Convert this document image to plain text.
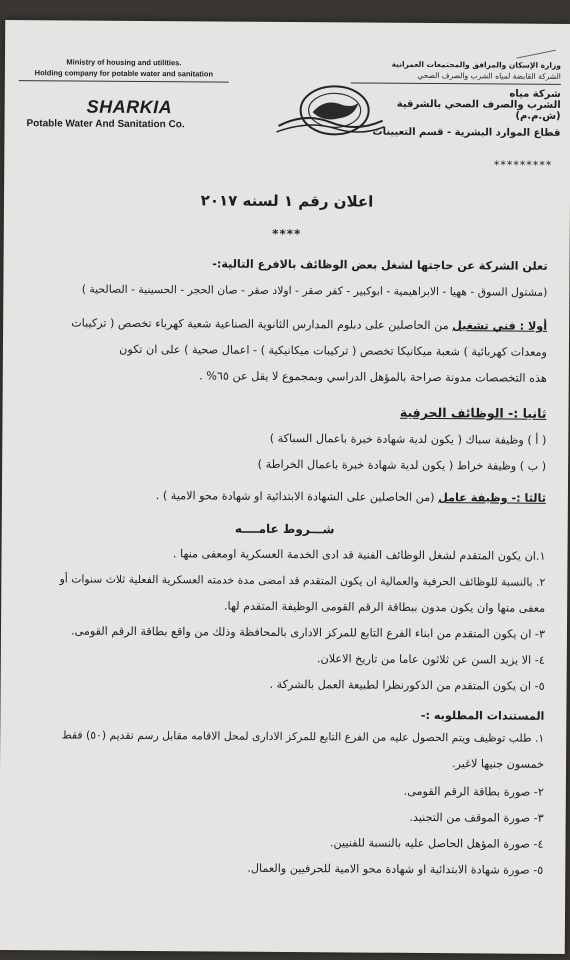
Ministry of housing and utilities.
Holding company for potable water and sanitation
SHARKIA
Potable Water And Sanitation Co.
وزارة الإسكان والمرافق والمجتمعات العمرانية
الشركة القابضة لمياه الشرب والصرف الصحي
شركة مياه
الشرب والصرف الصحي بالشرقية (ش.م.م)
قطاع الموارد البشرية - قسم التعيينات
*********
اعلان رقم ١ لسنه ٢٠١٧
****
تعلن الشركة عن حاجتها لشغل بعض الوظائف بالافرع التالية:-
(مشتول السوق - ههيا - الابراهيمية - ابوكبير - كفر صقر - اولاد صقر - صان الحجر - الحسينية - الصالحية )
أولا : فني تشغيل من الحاصلين على دبلوم المدارس الثانوية الصناعية شعبة كهرباء تخصص ( تركيبات
ومعدات كهربائية ) شعبة ميكانيكا تخصص ( تركيبات ميكانيكية ) - اعمال صحية ) على ان تكون
هذه التخصصات مدونة صراحة بالمؤهل الدراسي وبمجموع لا يقل عن ٦٥% .
ثانيا :- الوظائف الحرفية
( أ ) وظيفة سباك ( يكون لدية شهادة خبرة باعمال السباكة )
( ب ) وظيفة خراط ( يكون لدية شهادة خبرة باعمال الخراطة )
ثالثا :- وظيفة عامل (من الحاصلين على الشهادة الابتدائية او شهادة محو الامية ) .
شـــروط عامــــه
١.ان يكون المتقدم لشغل الوظائف الفنية قد ادى الخدمة العسكرية اومعفى منها .
٢. بالنسبة للوظائف الحرفية والعمالية ان يكون المتقدم قد امضى مدة خدمته العسكرية الفعلية ثلاث سنوات أو
معفى منها وان يكون مدون ببطاقة الرقم القومى الوظيفة المتقدم لها.
٣- ان يكون المتقدم من ابناء الفرع التابع للمركز الادارى بالمحافظة وذلك من واقع بطاقة الرقم القومى.
٤- الا يزيد السن عن ثلاثون عاما من تاريخ الاعلان.
٥- ان يكون المتقدم من الذكورنظرا لطبيعة العمل بالشركة .
المستندات المطلوبه :-
١. طلب توظيف ويتم الحصول عليه من الفرع التابع للمركز الادارى لمحل الاقامه مقابل رسم تقديم (٥٠) فقط
خمسون جنيها لاغير.
٢- صورة بطاقة الرقم القومى.
٣- صورة الموقف من التجنيد.
٤- صورة المؤهل الحاصل عليه بالنسبة للفنيين.
٥- صورة شهادة الابتدائية او شهادة محو الامية للحرفيين والعمال.
